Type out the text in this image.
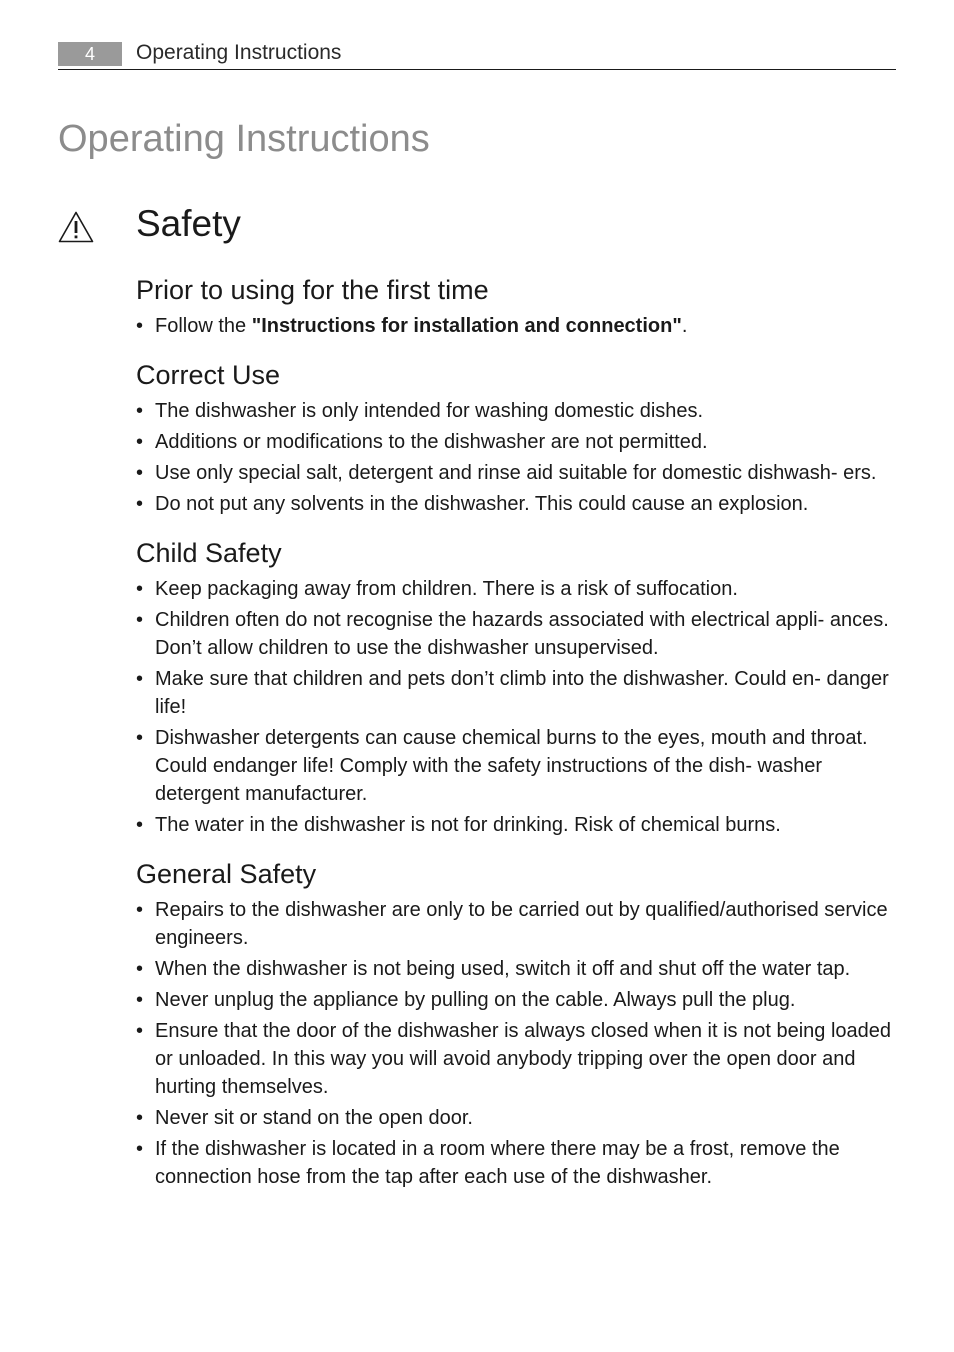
4	Operating Instructions
Operating Instructions
Safety
Prior to using for the first time
• Follow the "Instructions for installation and connection".
Correct Use
• The dishwasher is only intended for washing domestic dishes.
• Additions or modifications to the dishwasher are not permitted.
• Use only special salt, detergent and rinse aid suitable for domestic dishwash- ers.
• Do not put any solvents in the dishwasher. This could cause an explosion.
Child Safety
• Keep packaging away from children. There is a risk of suffocation.
• Children often do not recognise the hazards associated with electrical appli- ances. Don’t allow children to use the dishwasher unsupervised.
• Make sure that children and pets don’t climb into the dishwasher. Could en- danger life!
• Dishwasher detergents can cause chemical burns to the eyes, mouth and throat. Could endanger life! Comply with the safety instructions of the dish- washer detergent manufacturer.
• The water in the dishwasher is not for drinking. Risk of chemical burns.
General Safety
• Repairs to the dishwasher are only to be carried out by qualified/authorised service engineers.
• When the dishwasher is not being used, switch it off and shut off the water tap.
• Never unplug the appliance by pulling on the cable. Always pull the plug.
• Ensure that the door of the dishwasher is always closed when it is not being loaded or unloaded. In this way you will avoid anybody tripping over the open door and hurting themselves.
• Never sit or stand on the open door.
• If the dishwasher is located in a room where there may be a frost, remove the connection hose from the tap after each use of the dishwasher.
